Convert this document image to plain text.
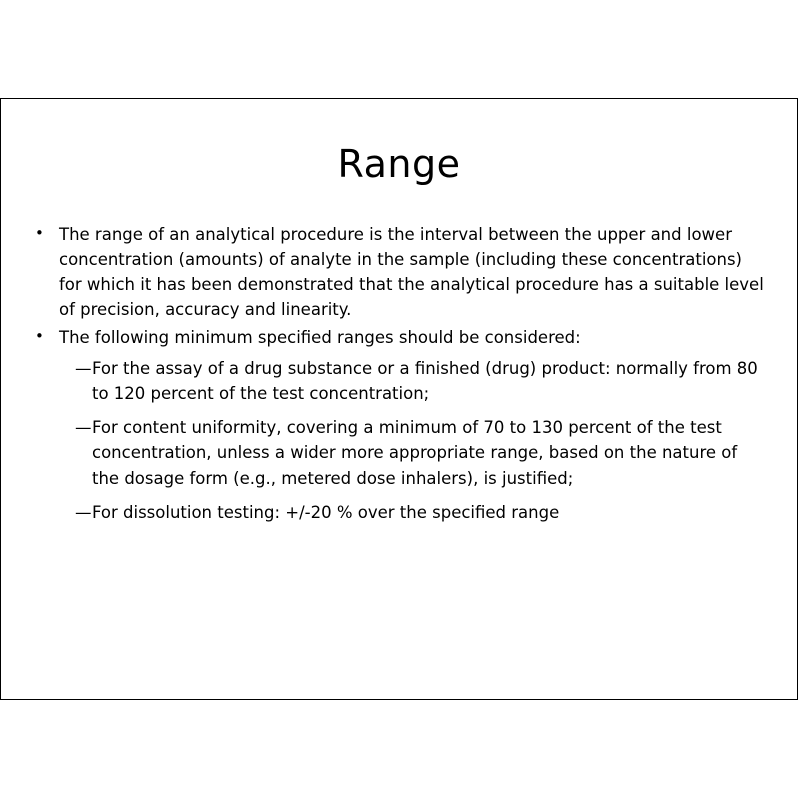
Range
• The range of an analytical procedure is the interval between the upper and lower concentration (amounts) of analyte in the sample (including these concentrations) for which it has been demonstrated that the analytical procedure has a suitable level of precision, accuracy and linearity.
• The following minimum specified ranges should be considered:
— For the assay of a drug substance or a finished (drug) product: normally from 80 to 120 percent of the test concentration;
— For content uniformity, covering a minimum of 70 to 130 percent of the test concentration, unless a wider more appropriate range, based on the nature of the dosage form (e.g., metered dose inhalers), is justified;
— For dissolution testing: +/-20 % over the specified range
